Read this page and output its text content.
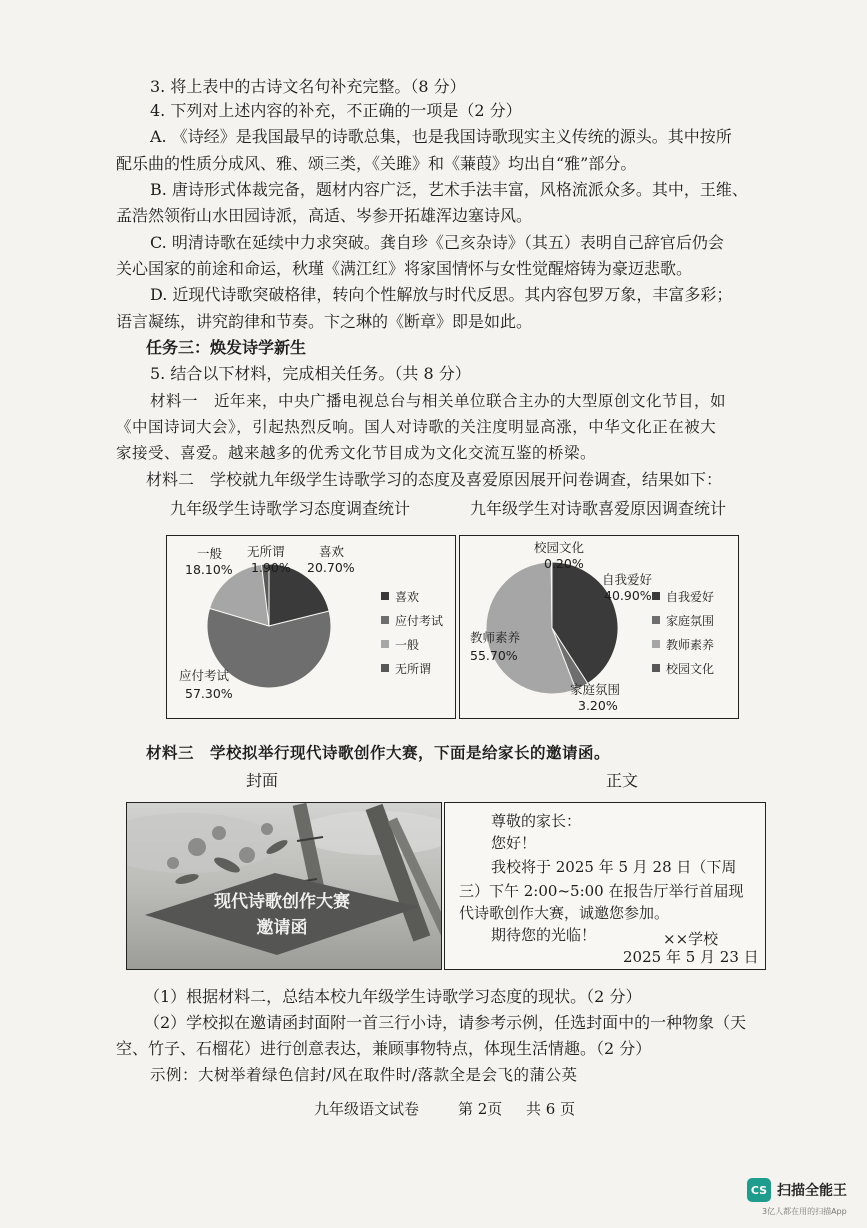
3. 将上表中的古诗文名句补充完整。（8 分）
4. 下列对上述内容的补充，不正确的一项是（2 分）
A. 《诗经》是我国最早的诗歌总集，也是我国诗歌现实主义传统的源头。其中按所
配乐曲的性质分成风、雅、颂三类，《关雎》和《蒹葭》均出自“雅”部分。
B. 唐诗形式体裁完备，题材内容广泛，艺术手法丰富，风格流派众多。其中，王维、
孟浩然领衔山水田园诗派，高适、岑参开拓雄浑边塞诗风。
C. 明清诗歌在延续中力求突破。龚自珍《己亥杂诗》（其五）表明自己辞官后仍会
关心国家的前途和命运，秋瑾《满江红》将家国情怀与女性觉醒熔铸为豪迈悲歌。
D. 近现代诗歌突破格律，转向个性解放与时代反思。其内容包罗万象，丰富多彩；
语言凝练，讲究韵律和节奏。卞之琳的《断章》即是如此。
任务三：焕发诗学新生
5. 结合以下材料，完成相关任务。（共 8 分）
材料一　近年来，中央广播电视总台与相关单位联合主办的大型原创文化节目，如
《中国诗词大会》，引起热烈反响。国人对诗歌的关注度明显高涨，中华文化正在被大
家接受、喜爱。越来越多的优秀文化节目成为文化交流互鉴的桥梁。
材料二　学校就九年级学生诗歌学习的态度及喜爱原因展开问卷调查，结果如下：
九年级学生诗歌学习态度调查统计	九年级学生对诗歌喜爱原因调查统计
一般
18.10%
无所谓
1.90%
喜欢
20.70%
应付考试
57.30%
喜欢
应付考试
一般
无所谓
校园文化
0.20%
自我爱好
40.90%
教师素养
55.70%
家庭氛围
3.20%
自我爱好
家庭氛围
教师素养
校园文化
材料三　学校拟举行现代诗歌创作大赛，下面是给家长的邀请函。
封面	正文
现代诗歌创作大赛
邀请函
尊敬的家长：
您好！
我校将于 2025 年 5 月 28 日（下周
三）下午 2:00~5:00 在报告厅举行首届现
代诗歌创作大赛，诚邀您参加。
期待您的光临！	××学校
2025 年 5 月 23 日
（1）根据材料二，总结本校九年级学生诗歌学习态度的现状。（2 分）
（2）学校拟在邀请函封面附一首三行小诗，请参考示例，任选封面中的一种物象（天
空、竹子、石榴花）进行创意表达，兼顾事物特点，体现生活情趣。（2 分）
示例：大树举着绿色信封/风在取件时/落款全是会飞的蒲公英
九年级语文试卷	第 2页 共 6 页
CS 扫描全能王
3亿人都在用的扫描App
